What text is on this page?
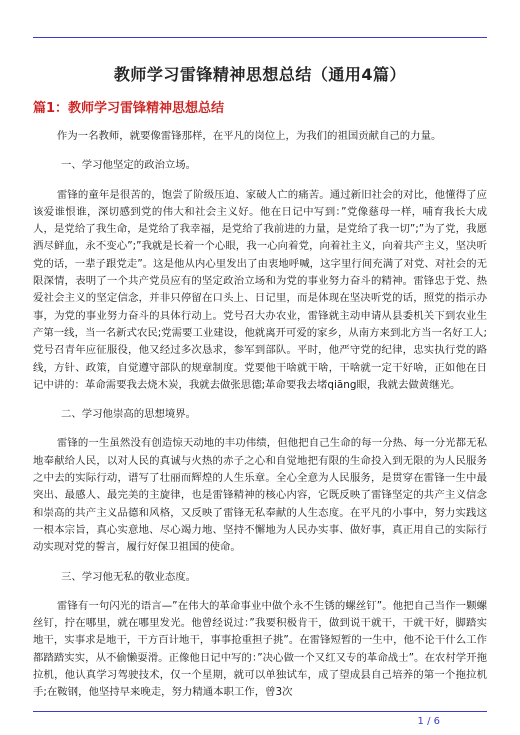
教师学习雷锋精神思想总结（通用4篇）
篇1：教师学习雷锋精神思想总结

作为一名教师，就要像雷锋那样，在平凡的岗位上，为我们的祖国贡献自己的力量。

一、学习他坚定的政治立场。

雷锋的童年是很苦的，饱尝了阶级压迫、家破人亡的痛苦。通过新旧社会的对比，他懂得了应该爱谁恨谁，深切感到党的伟大和社会主义好。他在日记中写到：”党像慈母一样，哺育我长大成人，是党给了我生命，是党给了我幸福，是党给了我前进的力量，是党给了我一切”;”为了党，我愿洒尽鲜血，永不变心”;”我就是长着一个心眼，我一心向着党，向着社主义，向着共产主义，坚决听党的话，一辈子跟党走”。这是他从内心里发出了由衷地呼喊，这字里行间充满了对党、对社会的无限深情，表明了一个共产党员应有的坚定政治立场和为党的事业努力奋斗的精神。雷锋忠于党、热爱社会主义的坚定信念，并非只停留在口头上、日记里，而是体现在坚决听党的话，照党的指示办事，为党的事业努力奋斗的具体行动上。党号召大办农业，雷锋就主动申请从县委机关下到农业生产第一线，当一名新式农民;党需要工业建设，他就离开可爱的家乡，从南方来到北方当一名好工人;党号召青年应征服役，他又经过多次恳求，参军到部队。平时，他严守党的纪律，忠实执行党的路线，方针、政策，自觉遵守部队的规章制度。党要他干啥就干啥，干啥就一定干好啥，正如他在日记中讲的：革命需要我去烧木炭，我就去做张思德;革命要我去堵qiāng眼，我就去做黄继光。

二、学习他崇高的思想境界。

雷锋的一生虽然没有创造惊天动地的丰功伟绩，但他把自己生命的每一分热、每一分光都无私地奉献给人民，以对人民的真诚与火热的赤子之心和自觉地把有限的生命投入到无限的为人民服务之中去的实际行动，谱写了壮丽而辉煌的人生乐章。全心全意为人民服务，是贯穿在雷锋一生中最突出、最感人、最完美的主旋律，也是雷锋精神的核心内容，它既反映了雷锋坚定的共产主义信念和崇高的共产主义品德和风格，又反映了雷锋无私奉献的人生态度。在平凡的小事中，努力实践这一根本宗旨，真心实意地、尽心竭力地、坚持不懈地为人民办实事、做好事，真正用自己的实际行动实现对党的誓言，履行好保卫祖国的使命。

三、学习他无私的敬业态度。

雷锋有一句闪光的语言—”在伟大的革命事业中做个永不生锈的螺丝钉”。他把自己当作一颗螺丝钉，拧在哪里，就在哪里发光。他曾经说过：”我要积极肯干，做到说干就干，干就干好，脚踏实地干，实事求是地干，干方百计地干，事事抢重担子挑”。在雷锋短暂的一生中，他不论干什么工作都踏踏实实，从不偷懒耍滑。正像他日记中写的：”决心做一个又红又专的革命战士”。在农村学开拖拉机，他认真学习驾驶技术，仅一个星期，就可以单独试车，成了望成县自己培养的第一个拖拉机手;在鞍钢，他坚持早来晚走，努力精通本职工作，曾3次

1 / 6
